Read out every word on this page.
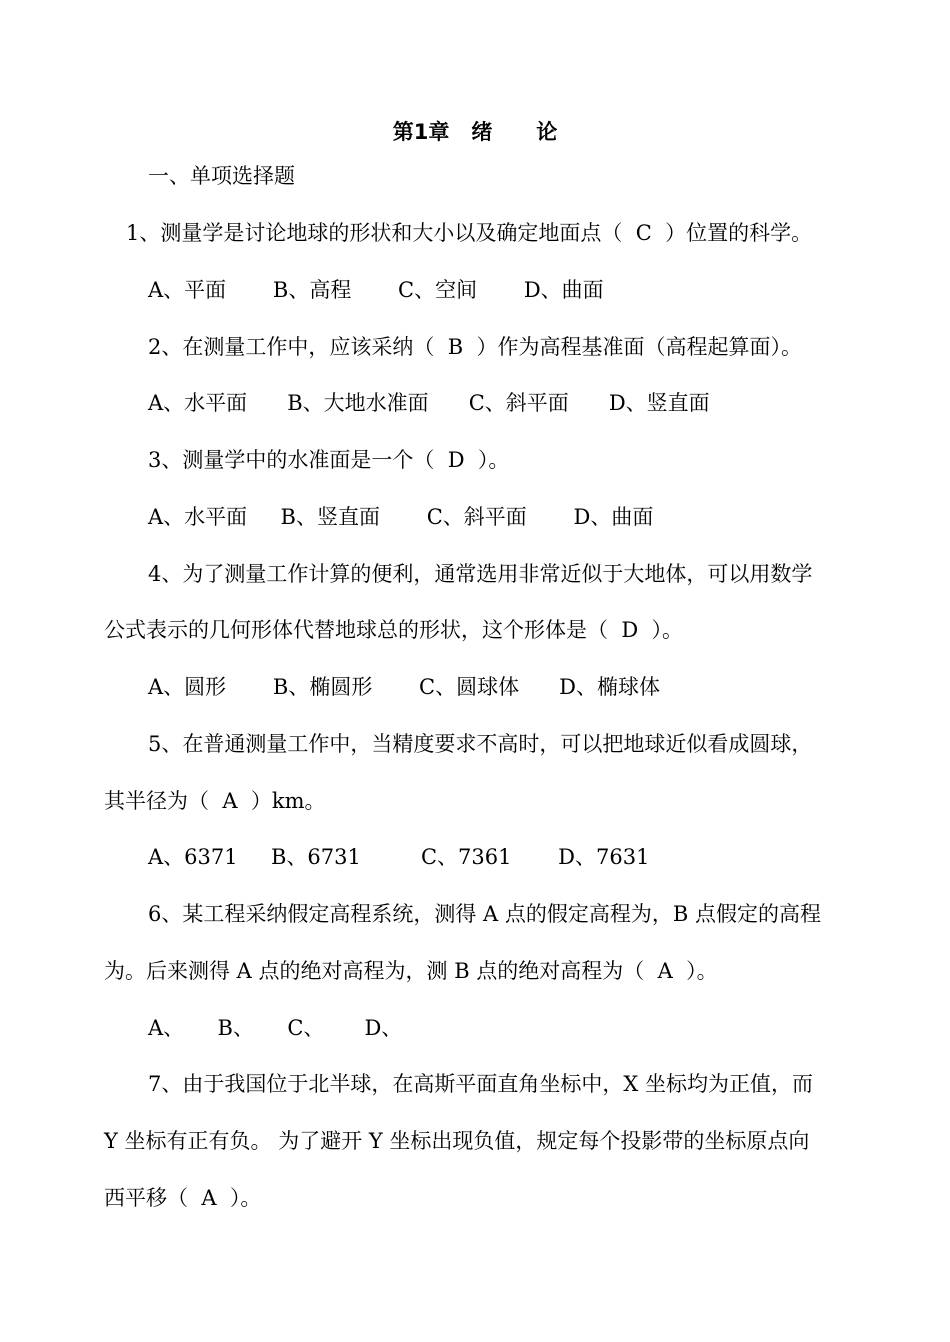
第1章   绪      论
一、单项选择题
1、测量学是讨论地球的形状和大小以及确定地面点（  C  ）位置的科学。
A、平面       B、高程       C、空间       D、曲面
2、在测量工作中，应该采纳（  B  ）作为高程基准面（高程起算面）。
A、水平面      B、大地水准面      C、斜平面      D、竖直面
3、测量学中的水准面是一个（  D  ）。
A、水平面     B、竖直面       C、斜平面       D、曲面
4、为了测量工作计算的便利，通常选用非常近似于大地体，可以用数学
公式表示的几何形体代替地球总的形状，这个形体是（  D  ）。
A、圆形       B、椭圆形       C、圆球体      D、椭球体
5、在普通测量工作中，当精度要求不高时，可以把地球近似看成圆球，
其半径为（  A  ）km。
A、6371     B、6731         C、7361       D、7631
6、某工程采纳假定高程系统，测得 A 点的假定高程为，B 点假定的高程
为。后来测得 A 点的绝对高程为，测 B 点的绝对高程为（  A  ）。
A、     B、     C、      D、
7、由于我国位于北半球，在高斯平面直角坐标中，X 坐标均为正值，而
Y 坐标有正有负。 为了避开 Y 坐标出现负值，规定每个投影带的坐标原点向
西平移（  A  ）。
